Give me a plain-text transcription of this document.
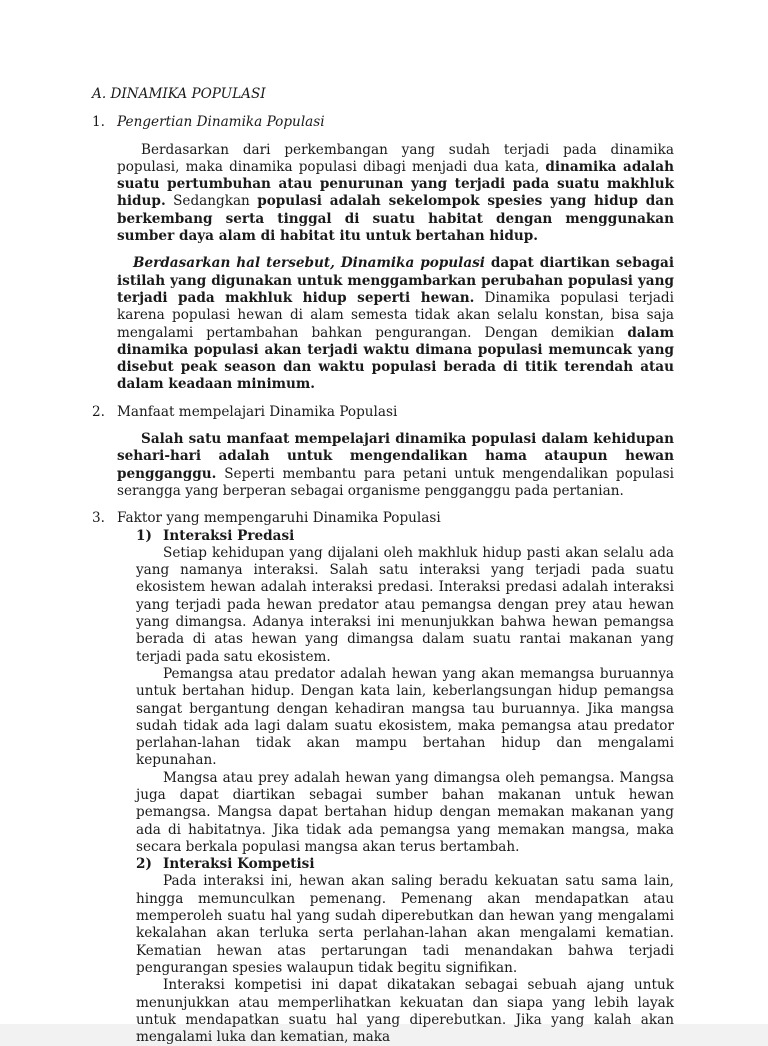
A. DINAMIKA POPULASI
1. Pengertian Dinamika Populasi

Berdasarkan dari perkembangan yang sudah terjadi pada dinamika populasi, maka dinamika populasi dibagi menjadi dua kata, dinamika adalah suatu pertumbuhan atau penurunan yang terjadi pada suatu makhluk hidup. Sedangkan populasi adalah sekelompok spesies yang hidup dan berkembang serta tinggal di suatu habitat dengan menggunakan sumber daya alam di habitat itu untuk bertahan hidup.

Berdasarkan hal tersebut, Dinamika populasi dapat diartikan sebagai istilah yang digunakan untuk menggambarkan perubahan populasi yang terjadi pada makhluk hidup seperti hewan. Dinamika populasi terjadi karena populasi hewan di alam semesta tidak akan selalu konstan, bisa saja mengalami pertambahan bahkan pengurangan. Dengan demikian dalam dinamika populasi akan terjadi waktu dimana populasi memuncak yang disebut peak season dan waktu populasi berada di titik terendah atau dalam keadaan minimum.

2. Manfaat mempelajari Dinamika Populasi

Salah satu manfaat mempelajari dinamika populasi dalam kehidupan sehari-hari adalah untuk mengendalikan hama ataupun hewan pengganggu. Seperti membantu para petani untuk mengendalikan populasi serangga yang berperan sebagai organisme pengganggu pada pertanian.

3. Faktor yang mempengaruhi Dinamika Populasi
1) Interaksi Predasi

Setiap kehidupan yang dijalani oleh makhluk hidup pasti akan selalu ada yang namanya interaksi. Salah satu interaksi yang terjadi pada suatu ekosistem hewan adalah interaksi predasi. Interaksi predasi adalah interaksi yang terjadi pada hewan predator atau pemangsa dengan prey atau hewan yang dimangsa. Adanya interaksi ini menunjukkan bahwa hewan pemangsa berada di atas hewan yang dimangsa dalam suatu rantai makanan yang terjadi pada satu ekosistem.

Pemangsa atau predator adalah hewan yang akan memangsa buruannya untuk bertahan hidup. Dengan kata lain, keberlangsungan hidup pemangsa sangat bergantung dengan kehadiran mangsa tau buruannya. Jika mangsa sudah tidak ada lagi dalam suatu ekosistem, maka pemangsa atau predator perlahan-lahan tidak akan mampu bertahan hidup dan mengalami kepunahan.

Mangsa atau prey adalah hewan yang dimangsa oleh pemangsa. Mangsa juga dapat diartikan sebagai sumber bahan makanan untuk hewan pemangsa. Mangsa dapat bertahan hidup dengan memakan makanan yang ada di habitatnya. Jika tidak ada pemangsa yang memakan mangsa, maka secara berkala populasi mangsa akan terus bertambah.

2) Interaksi Kompetisi

Pada interaksi ini, hewan akan saling beradu kekuatan satu sama lain, hingga memunculkan pemenang. Pemenang akan mendapatkan atau memperoleh suatu hal yang sudah diperebutkan dan hewan yang mengalami kekalahan akan terluka serta perlahan-lahan akan mengalami kematian. Kematian hewan atas pertarungan tadi menandakan bahwa terjadi pengurangan spesies walaupun tidak begitu signifikan.

Interaksi kompetisi ini dapat dikatakan sebagai sebuah ajang untuk menunjukkan atau memperlihatkan kekuatan dan siapa yang lebih layak untuk mendapatkan suatu hal yang diperebutkan. Jika yang kalah akan mengalami luka dan kematian, maka
